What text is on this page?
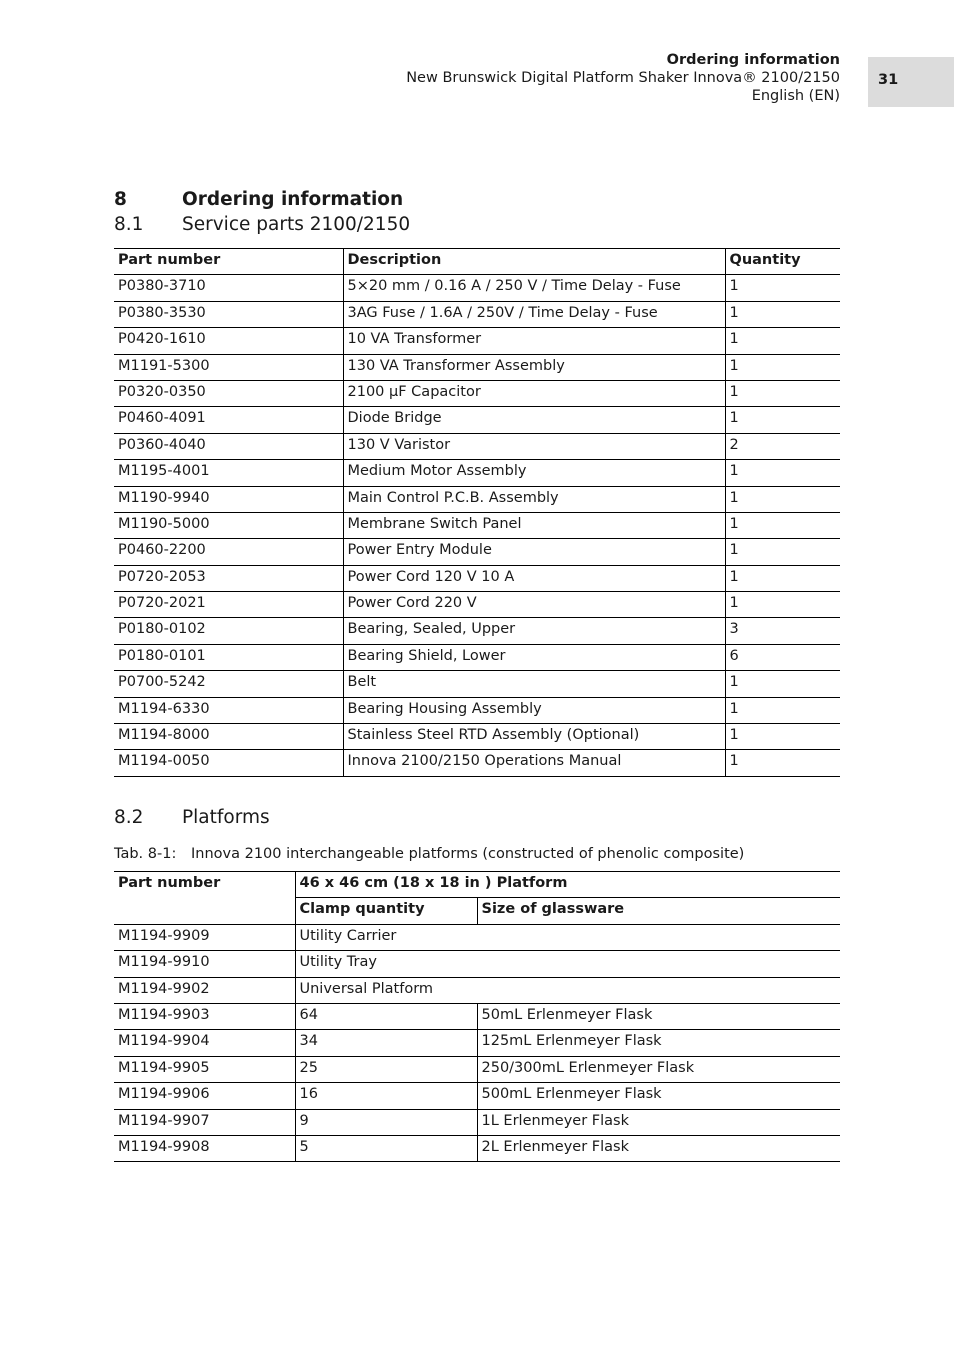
Ordering information
New Brunswick Digital Platform Shaker Innova® 2100/2150
English (EN)
31
8	Ordering information
8.1	Service parts 2100/2150
Part number	Description	Quantity
P0380-3710	5×20 mm / 0.16 A / 250 V / Time Delay - Fuse	1
P0380-3530	3AG Fuse / 1.6A / 250V / Time Delay - Fuse	1
P0420-1610	10 VA Transformer	1
M1191-5300	130 VA Transformer Assembly	1
P0320-0350	2100 µF Capacitor	1
P0460-4091	Diode Bridge	1
P0360-4040	130 V Varistor	2
M1195-4001	Medium Motor Assembly	1
M1190-9940	Main Control P.C.B. Assembly	1
M1190-5000	Membrane Switch Panel	1
P0460-2200	Power Entry Module	1
P0720-2053	Power Cord 120 V 10 A	1
P0720-2021	Power Cord 220 V	1
P0180-0102	Bearing, Sealed, Upper	3
P0180-0101	Bearing Shield, Lower	6
P0700-5242	Belt	1
M1194-6330	Bearing Housing Assembly	1
M1194-8000	Stainless Steel RTD Assembly (Optional)	1
M1194-0050	Innova 2100/2150 Operations Manual	1
8.2	Platforms
Tab. 8-1:	Innova 2100 interchangeable platforms (constructed of phenolic composite)
Part number	46 x 46 cm (18 x 18 in ) Platform	
	Clamp quantity	Size of glassware
M1194-9909	Utility Carrier	
M1194-9910	Utility Tray	
M1194-9902	Universal Platform	
M1194-9903	64	50mL Erlenmeyer Flask
M1194-9904	34	125mL Erlenmeyer Flask
M1194-9905	25	250/300mL Erlenmeyer Flask
M1194-9906	16	500mL Erlenmeyer Flask
M1194-9907	9	1L Erlenmeyer Flask
M1194-9908	5	2L Erlenmeyer Flask
